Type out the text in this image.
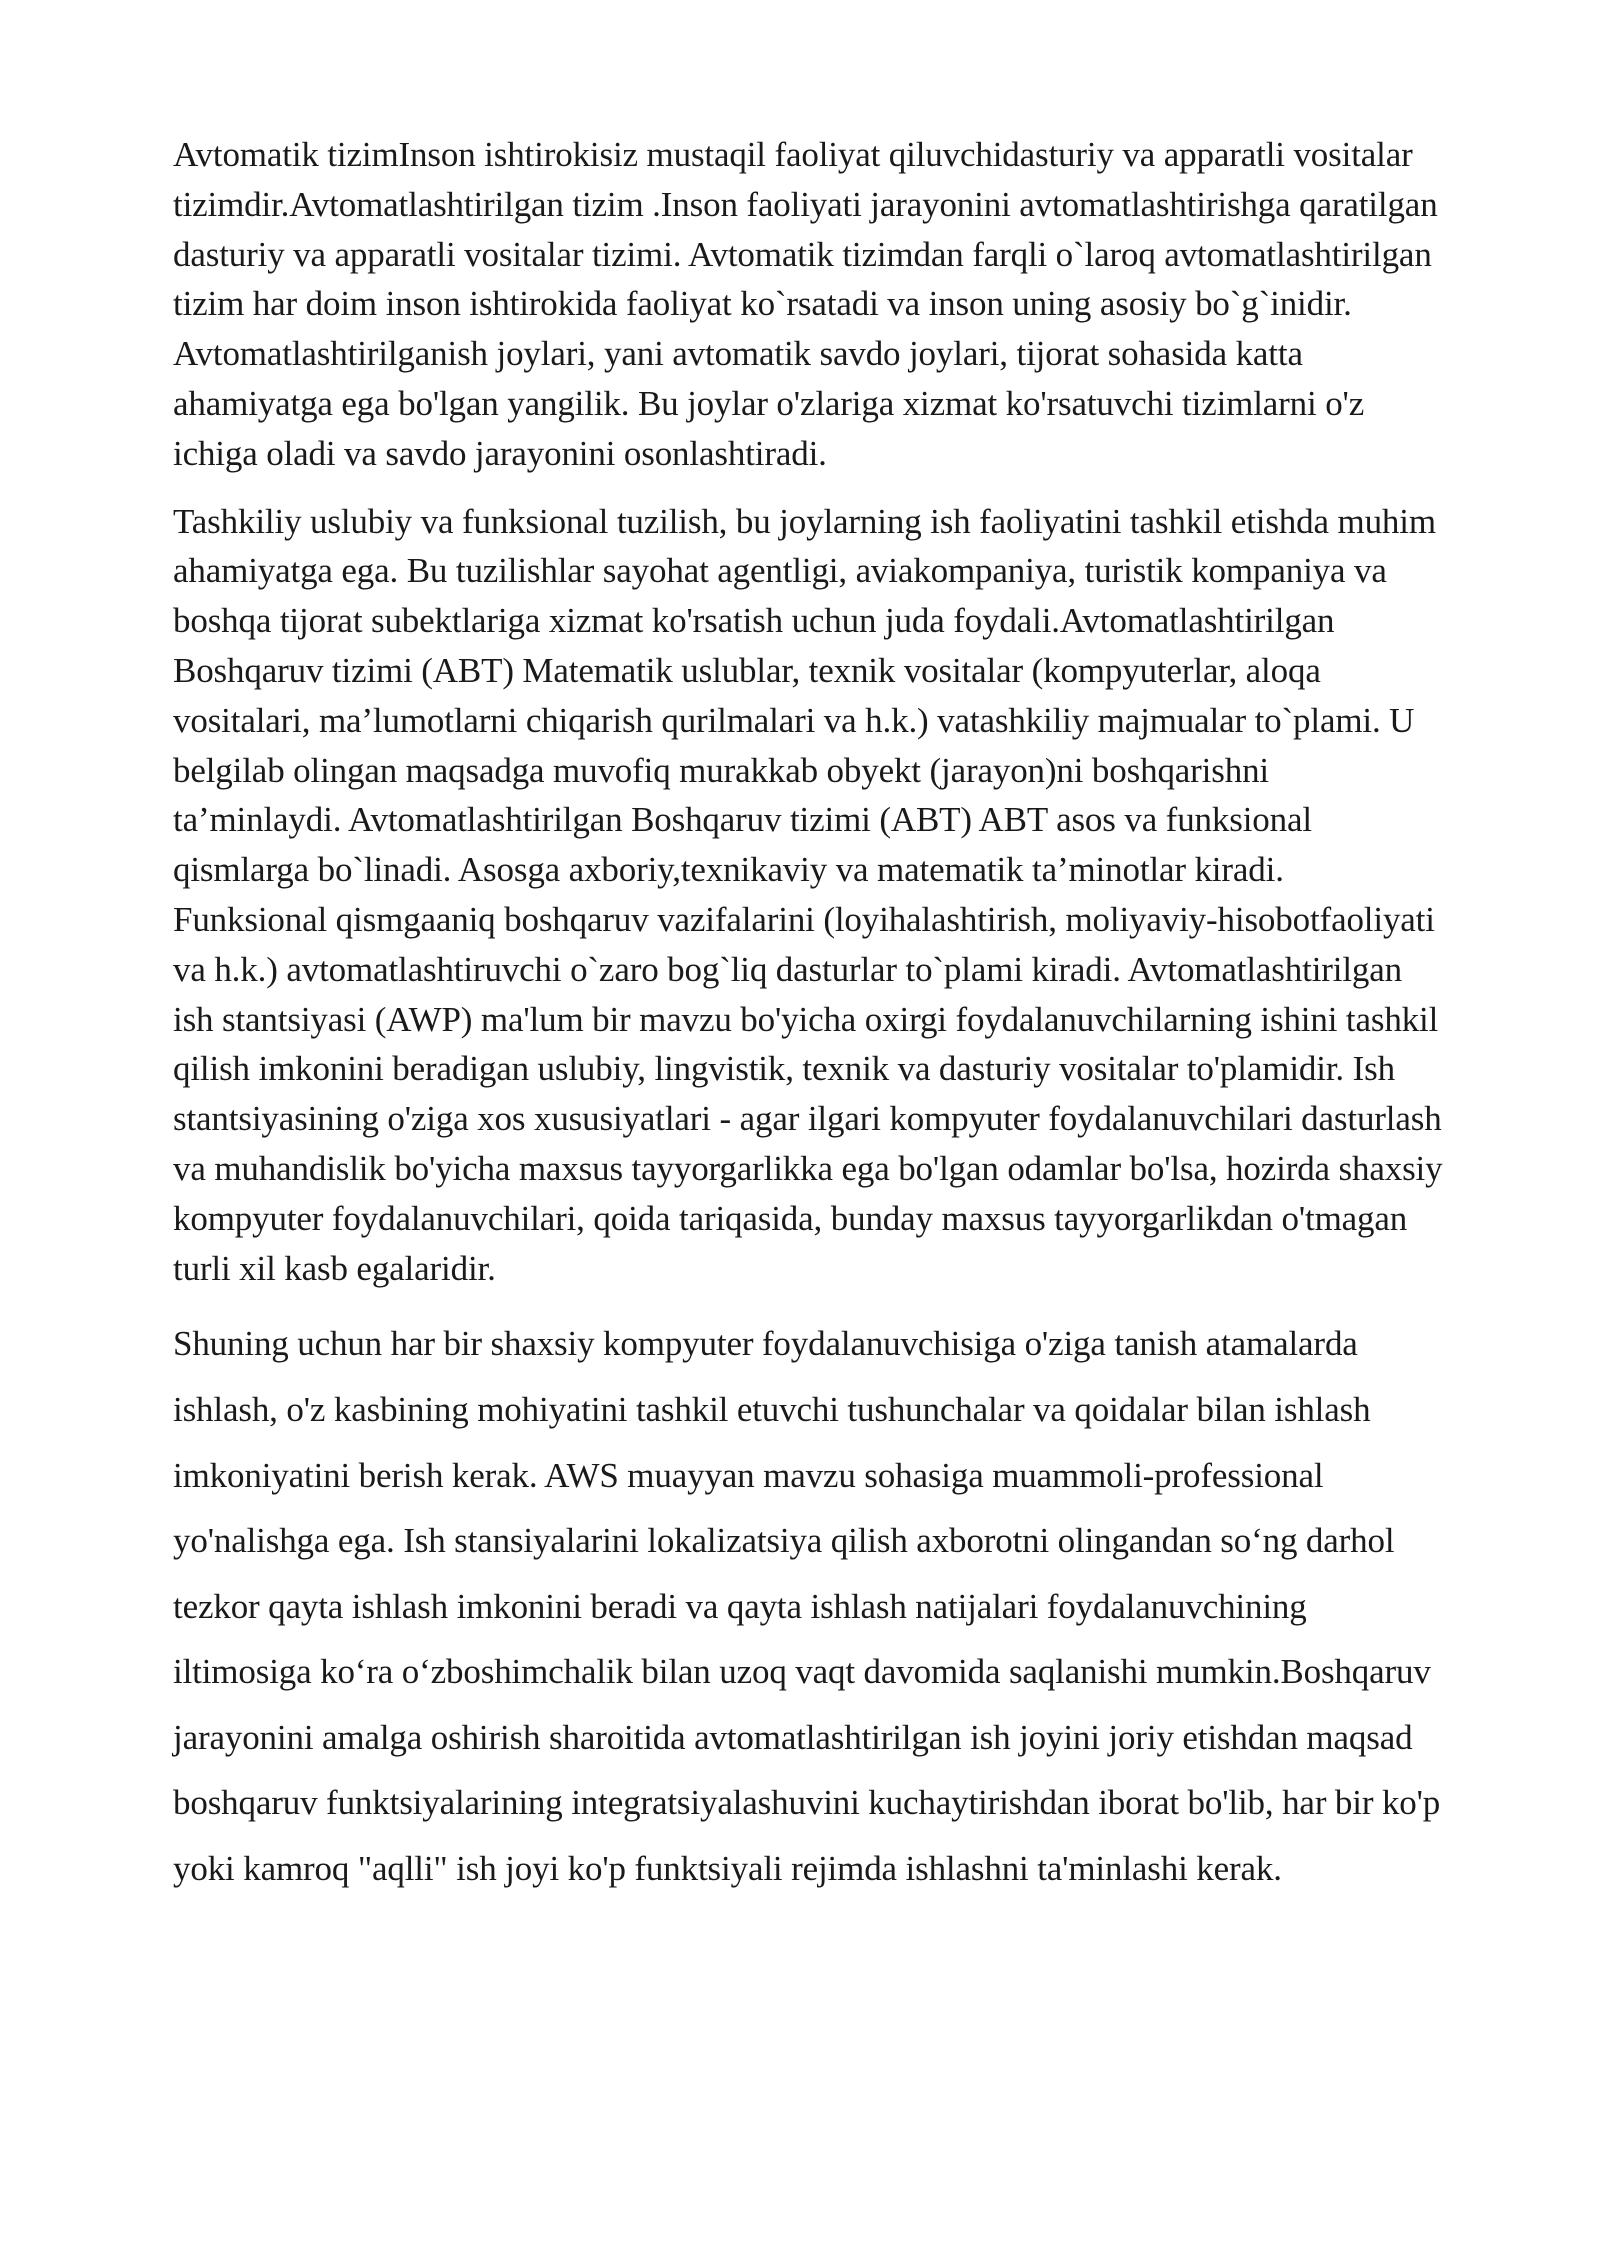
Avtomatik tizimInson ishtirokisiz mustaqil faoliyat qiluvchidasturiy va apparatli vositalar tizimdir.Avtomatlashtirilgan tizim .Inson faoliyati jarayonini avtomatlashtirishga qaratilgan dasturiy va apparatli vositalar tizimi. Avtomatik tizimdan farqli o`laroq avtomatlashtirilgan tizim har doim inson ishtirokida faoliyat ko`rsatadi va inson uning asosiy bo`g`inidir. Avtomatlashtirilganish joylari, yani avtomatik savdo joylari, tijorat sohasida katta ahamiyatga ega bo'lgan yangilik. Bu joylar o'zlariga xizmat ko'rsatuvchi tizimlarni o'z ichiga oladi va savdo jarayonini osonlashtiradi.

Tashkiliy uslubiy va funksional tuzilish, bu joylarning ish faoliyatini tashkil etishda muhim ahamiyatga ega. Bu tuzilishlar sayohat agentligi, aviakompaniya, turistik kompaniya va boshqa tijorat subektlariga xizmat ko'rsatish uchun juda foydali.Avtomatlashtirilgan Boshqaruv tizimi (ABT) Matematik uslublar, texnik vositalar (kompyuterlar, aloqa vositalari, ma’lumotlarni chiqarish qurilmalari va h.k.) vatashkiliy majmualar to`plami. U belgilab olingan maqsadga muvofiq murakkab obyekt (jarayon)ni boshqarishni ta’minlaydi. Avtomatlashtirilgan Boshqaruv tizimi (ABT) ABT asos va funksional qismlarga bo`linadi. Asosga axboriy,texnikaviy va matematik ta’minotlar kiradi. Funksional qismgaaniq boshqaruv vazifalarini (loyihalashtirish, moliyaviy-hisobotfaoliyati va h.k.) avtomatlashtiruvchi o`zaro bog`liq dasturlar to`plami kiradi. Avtomatlashtirilgan ish stantsiyasi (AWP) ma'lum bir mavzu bo'yicha oxirgi foydalanuvchilarning ishini tashkil qilish imkonini beradigan uslubiy, lingvistik, texnik va dasturiy vositalar to'plamidir. Ish stantsiyasining o'ziga xos xususiyatlari - agar ilgari kompyuter foydalanuvchilari dasturlash va muhandislik bo'yicha maxsus tayyorgarlikka ega bo'lgan odamlar bo'lsa, hozirda shaxsiy kompyuter foydalanuvchilari, qoida tariqasida, bunday maxsus tayyorgarlikdan o'tmagan turli xil kasb egalaridir.

Shuning uchun har bir shaxsiy kompyuter foydalanuvchisiga o'ziga tanish atamalarda ishlash, o'z kasbining mohiyatini tashkil etuvchi tushunchalar va qoidalar bilan ishlash imkoniyatini berish kerak. AWS muayyan mavzu sohasiga muammoli-professional yo'nalishga ega. Ish stansiyalarini lokalizatsiya qilish axborotni olingandan so‘ng darhol tezkor qayta ishlash imkonini beradi va qayta ishlash natijalari foydalanuvchining iltimosiga ko‘ra o‘zboshimchalik bilan uzoq vaqt davomida saqlanishi mumkin.Boshqaruv jarayonini amalga oshirish sharoitida avtomatlashtirilgan ish joyini joriy etishdan maqsad boshqaruv funktsiyalarining integratsiyalashuvini kuchaytirishdan iborat bo'lib, har bir ko'p yoki kamroq "aqlli" ish joyi ko'p funktsiyali rejimda ishlashni ta'minlashi kerak.
